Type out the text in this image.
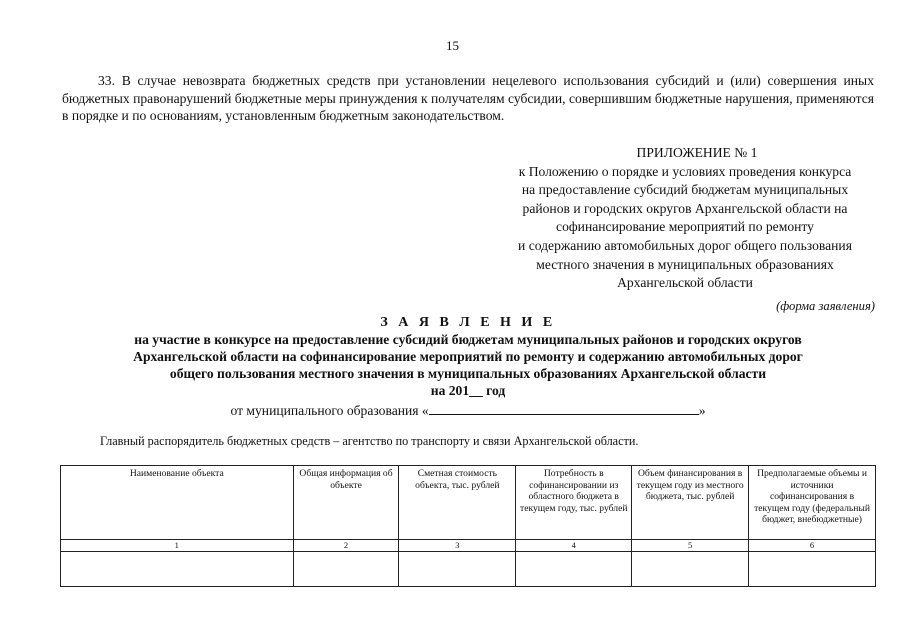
15
33. В случае невозврата бюджетных средств при установлении нецелевого использования субсидий и (или) совершения иных бюджетных правонарушений бюджетные меры принуждения к получателям субсидии, совершившим бюджетные нарушения, применяются в порядке и по основаниям, установленным бюджетным законодательством.
ПРИЛОЖЕНИЕ № 1
к Положению о порядке и условиях проведения конкурса
на предоставление субсидий бюджетам муниципальных
районов и городских округов Архангельской области на
софинансирование мероприятий по ремонту
и содержанию автомобильных дорог общего пользования
местного значения в муниципальных образованиях
Архангельской области
(форма заявления)
З А Я В Л Е Н И Е
на участие в конкурсе на предоставление субсидий бюджетам муниципальных районов и городских округов
Архангельской области на софинансирование мероприятий по ремонту и содержанию автомобильных дорог
общего пользования местного значения в муниципальных образованиях Архангельской области
на 201__ год
от муниципального образования «	»
Главный распорядитель бюджетных средств – агентство по транспорту и связи Архангельской области.
Наименование объекта	Общая информация об объекте	Сметная стоимость объекта, тыс. рублей	Потребность в софинансировании из областного бюджета в текущем году, тыс. рублей	Объем финансирования в текущем году из местного бюджета, тыс. рублей	Предполагаемые объемы и источники софинансирования в текущем году (федеральный бюджет, внебюджетные)
1	2	3	4	5	6
